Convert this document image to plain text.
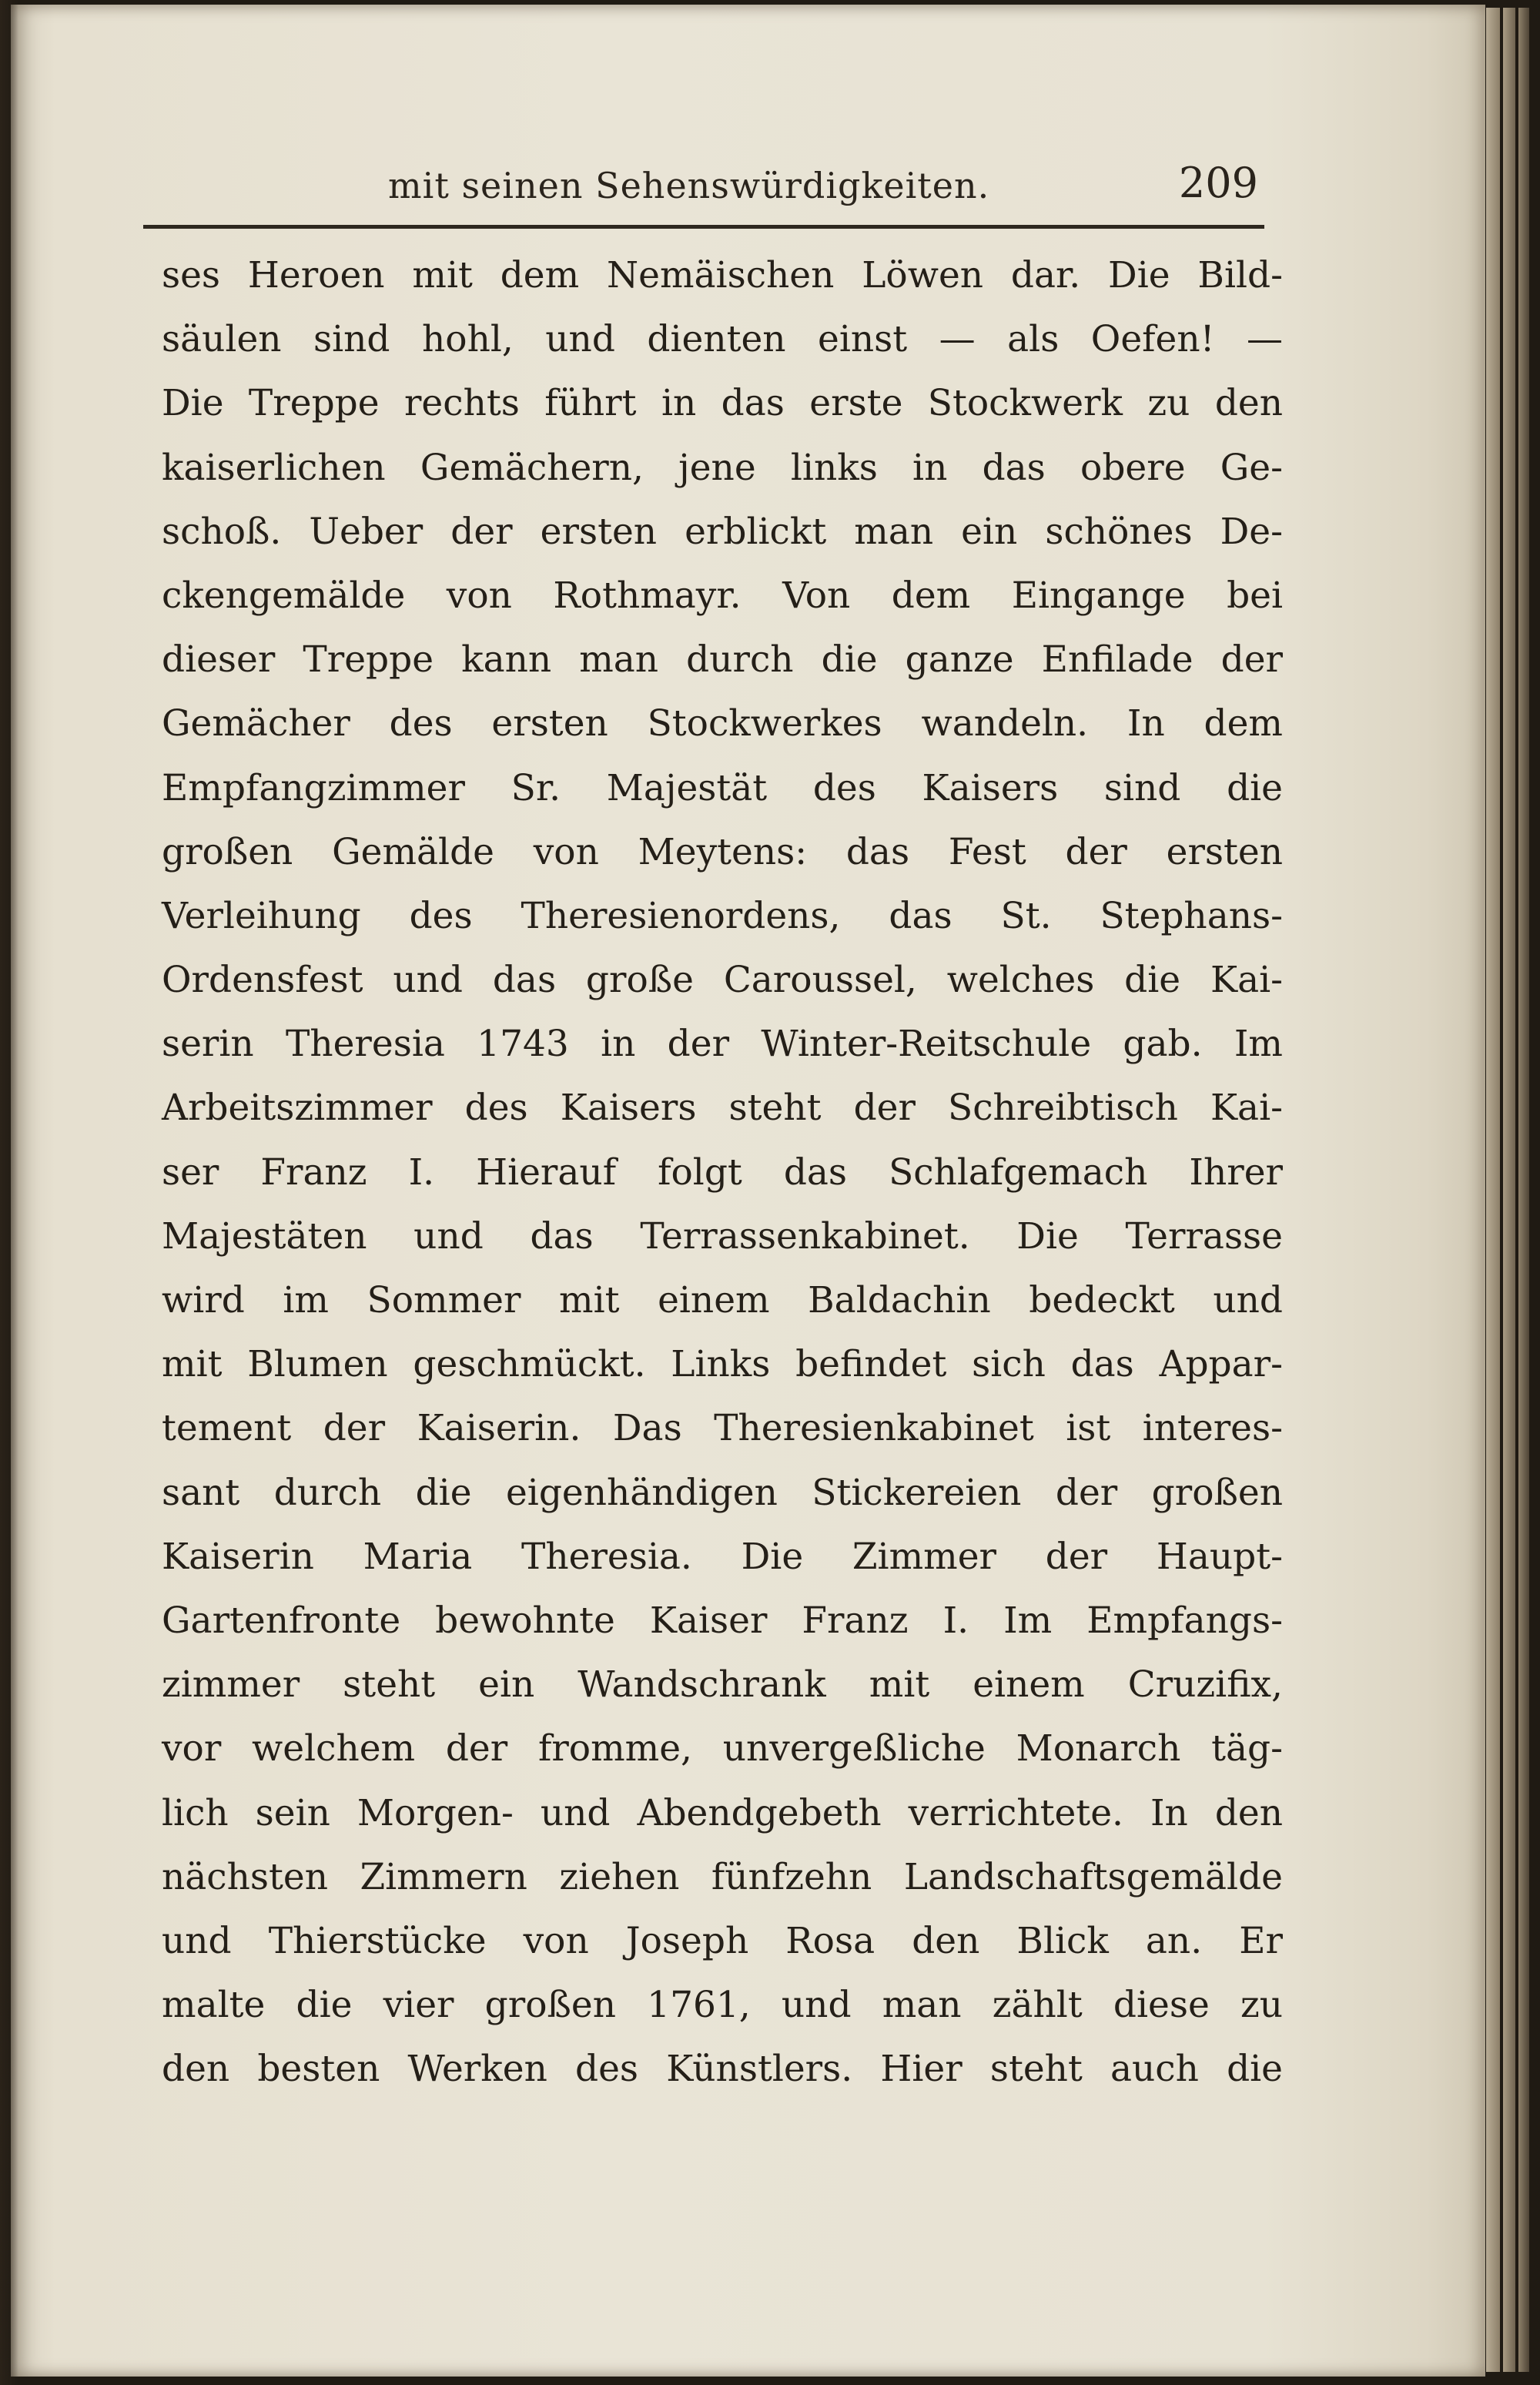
mit seinen Sehenswürdigkeiten.	209
ses Heroen mit dem Nemäischen Löwen dar. Die Bild-
säulen sind hohl, und dienten einst — als Oefen! —
Die Treppe rechts führt in das erste Stockwerk zu den
kaiserlichen Gemächern, jene links in das obere Ge-
schoß. Ueber der ersten erblickt man ein schönes De-
ckengemälde von Rothmayr. Von dem Eingange bei
dieser Treppe kann man durch die ganze Enfilade der
Gemächer des ersten Stockwerkes wandeln. In dem
Empfangzimmer Sr. Majestät des Kaisers sind die
großen Gemälde von Meytens: das Fest der ersten
Verleihung des Theresienordens, das St. Stephans-
Ordensfest und das große Caroussel, welches die Kai-
serin Theresia 1743 in der Winter-Reitschule gab. Im
Arbeitszimmer des Kaisers steht der Schreibtisch Kai-
ser Franz I. Hierauf folgt das Schlafgemach Ihrer
Majestäten und das Terrassenkabinet. Die Terrasse
wird im Sommer mit einem Baldachin bedeckt und
mit Blumen geschmückt. Links befindet sich das Appar-
tement der Kaiserin. Das Theresienkabinet ist interes-
sant durch die eigenhändigen Stickereien der großen
Kaiserin Maria Theresia. Die Zimmer der Haupt-
Gartenfronte bewohnte Kaiser Franz I. Im Empfangs-
zimmer steht ein Wandschrank mit einem Cruzifix,
vor welchem der fromme, unvergeßliche Monarch täg-
lich sein Morgen- und Abendgebeth verrichtete. In den
nächsten Zimmern ziehen fünfzehn Landschaftsgemälde
und Thierstücke von Joseph Rosa den Blick an. Er
malte die vier großen 1761, und man zählt diese zu
den besten Werken des Künstlers. Hier steht auch die
